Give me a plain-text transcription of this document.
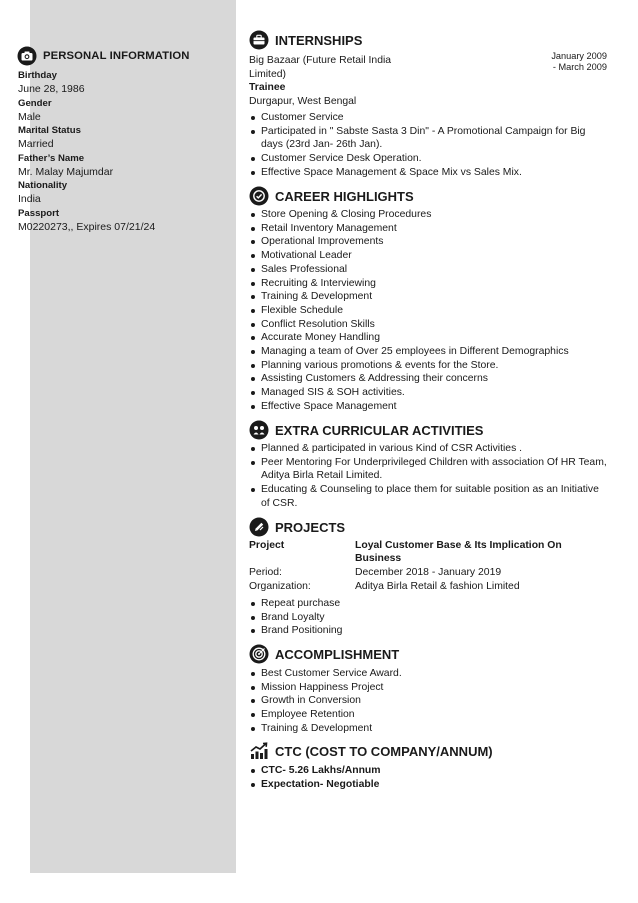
PERSONAL INFORMATION
Birthday
June 28, 1986
Gender
Male
Marital Status
Married
Father’s Name
Mr. Malay Majumdar
Nationality
India
Passport
M0220273,, Expires 07/21/24
INTERNSHIPS
Big Bazaar (Future Retail India
Limited)
January 2009
- March 2009
Trainee
Durgapur, West Bengal
Customer Service
Participated in " Sabste Sasta 3 Din" - A Promotional Campaign for Big days (23rd Jan- 26th Jan).
Customer Service Desk Operation.
Effective Space Management & Space Mix vs Sales Mix.
CAREER HIGHLIGHTS
Store Opening & Closing Procedures
Retail Inventory Management
Operational Improvements
Motivational Leader
Sales Professional
Recruiting & Interviewing
Training & Development
Flexible Schedule
Conflict Resolution Skills
Accurate Money Handling
Managing a team of Over 25 employees in Different Demographics
Planning various promotions & events for the Store.
Assisting Customers & Addressing their concerns
Managed SIS & SOH activities.
Effective Space Management
EXTRA CURRICULAR ACTIVITIES
Planned & participated in various Kind of CSR Activities .
Peer Mentoring For Underprivileged Children with association Of HR Team, Aditya Birla Retail Limited.
Educating & Counseling to place them for suitable position as an Initiative of CSR.
PROJECTS
Project	Loyal Customer Base & Its Implication On
Business
Period:	December 2018 - January 2019
Organization:	Aditya Birla Retail & fashion Limited
Repeat purchase
Brand Loyalty
Brand Positioning
ACCOMPLISHMENT
Best Customer Service Award.
Mission Happiness Project
Growth in Conversion
Employee Retention
Training & Development
CTC (COST TO COMPANY/ANNUM)
CTC- 5.26 Lakhs/Annum
Expectation- Negotiable
